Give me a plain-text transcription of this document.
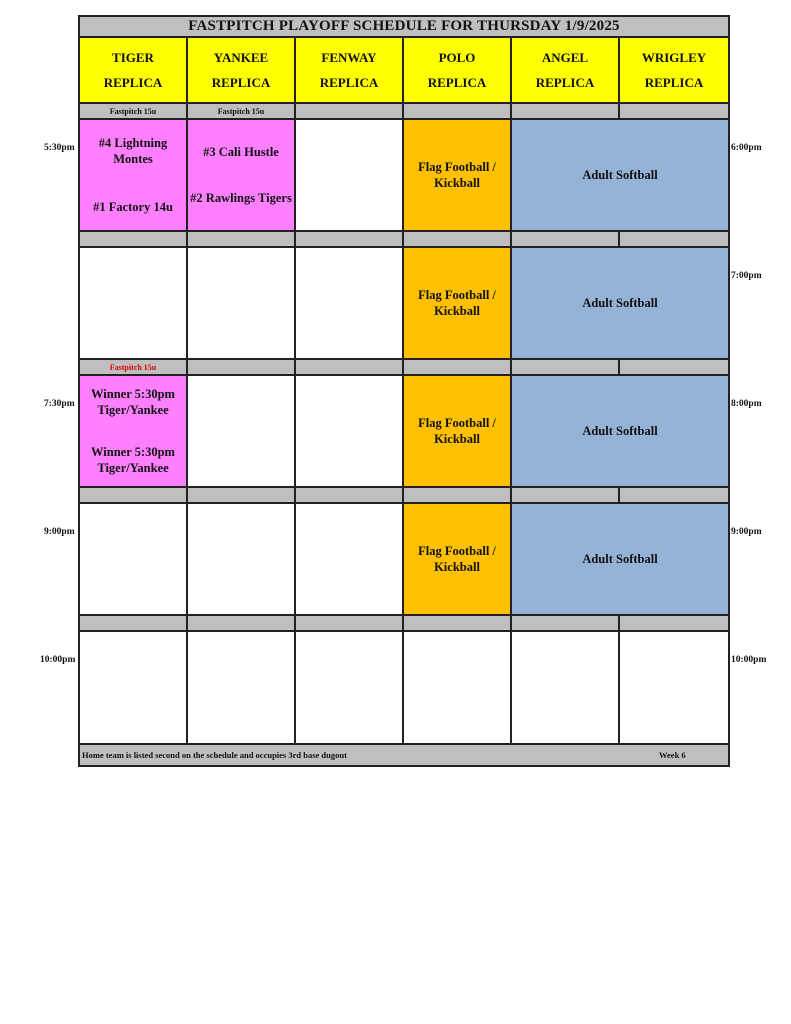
FASTPITCH PLAYOFF SCHEDULE FOR THURSDAY 1/9/2025
TIGER
REPLICA
YANKEE
REPLICA
FENWAY
REPLICA
POLO
REPLICA
ANGEL
REPLICA
WRIGLEY
REPLICA
Fastpitch 15u	Fastpitch 15u
#4 Lightning Montes
#1 Factory 14u
#3 Cali Hustle
#2 Rawlings Tigers
Flag Football / Kickball
Adult Softball
Flag Football / Kickball
Adult Softball
Fastpitch 15u
Winner 5:30pm Tiger/Yankee
Winner 5:30pm Tiger/Yankee
Flag Football / Kickball
Adult Softball
Flag Football / Kickball
Adult Softball
Home team is listed second on the schedule and occupies 3rd base dugout	Week 6
5:30pm
7:30pm
9:00pm
10:00pm
6:00pm
7:00pm
8:00pm
9:00pm
10:00pm
